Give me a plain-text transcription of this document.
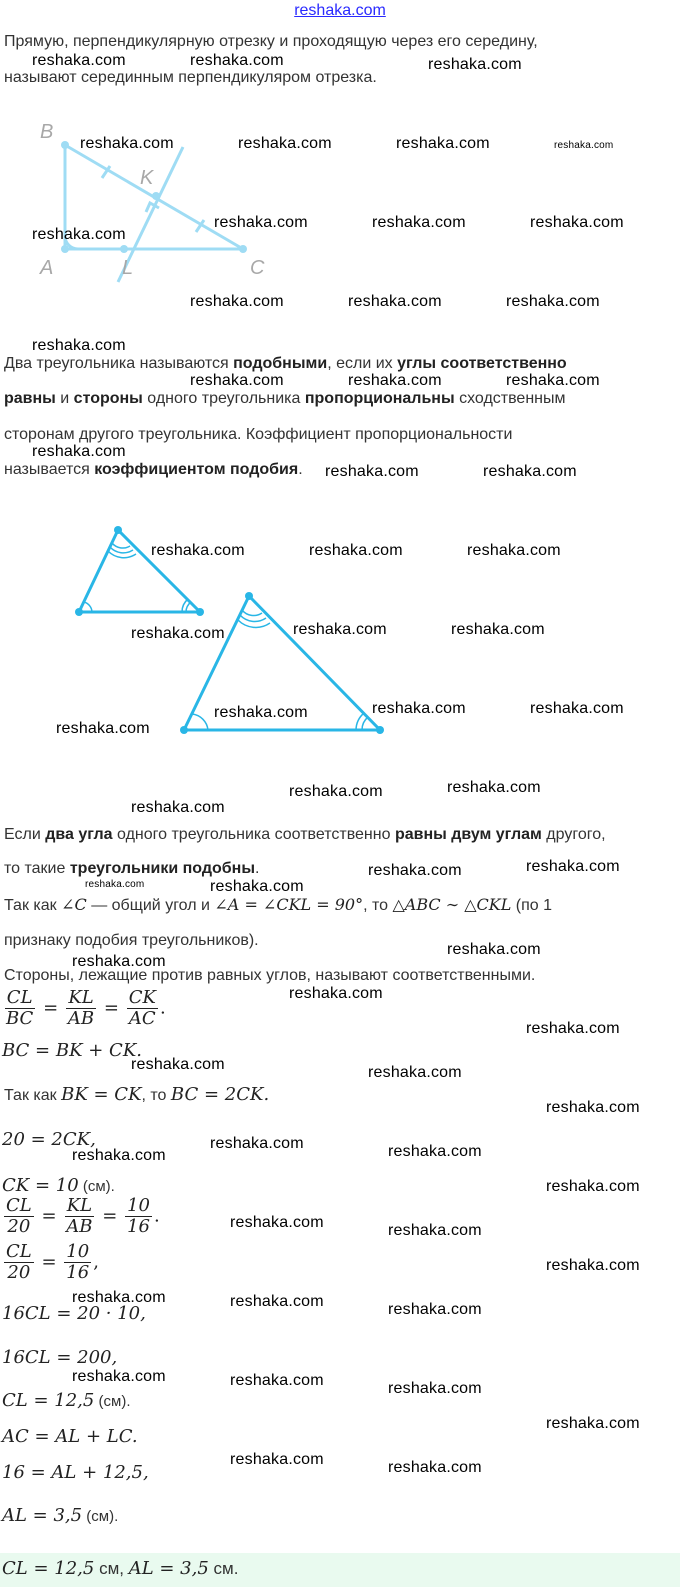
reshaka.com
Прямую, перпендикулярную отрезку и проходящую через его середину,
называют серединным перпендикуляром отрезка.
B
K
A	L	C
Два треугольника называются подобными, если их углы соответственно
равны и стороны одного треугольника пропорциональны сходственным
сторонам другого треугольника. Коэффициент пропорциональности
называется коэффициентом подобия.
Если два угла одного треугольника соответственно равны двум углам другого,
то такие треугольники подобны.
Так как ∠C — общий угол и ∠A = ∠CKL = 90°, то △ABC ∼ △CKL (по 1
признаку подобия треугольников).
Стороны, лежащие против равных углов, называют соответственными.
$\frac{CL}{BC} = \frac{KL}{AB} = \frac{CK}{AC}$ .
BC = BK + CK.
Так как BK = CK, то BC = 2CK.
20 = 2CK,
CK = 10 (см).
$\frac{CL}{20} = \frac{KL}{AB} = \frac{10}{16}$ .
$\frac{CL}{20} = \frac{10}{16}$ ,
16CL = 20 · 10,
16CL = 200,
CL = 12,5 (см).
AC = AL + LC.
16 = AL + 12,5,
AL = 3,5 (см).
CL = 12,5 см, AL = 3,5 см.
reshaka.com	reshaka.com	reshaka.com
reshaka.com	reshaka.com	reshaka.com	reshaka.com
reshaka.com	reshaka.com	reshaka.com
reshaka.com
reshaka.com	reshaka.com	reshaka.com
reshaka.com
reshaka.com	reshaka.com	reshaka.com
reshaka.com
reshaka.com	reshaka.com
reshaka.com	reshaka.com	reshaka.com
reshaka.com	reshaka.com
reshaka.com
reshaka.com	reshaka.com	reshaka.com
reshaka.com
reshaka.com	reshaka.com
reshaka.com
reshaka.com	reshaka.com
reshaka.com	reshaka.com
reshaka.com
reshaka.com
reshaka.com
reshaka.com
reshaka.com	reshaka.com
reshaka.com
reshaka.com
reshaka.com	reshaka.com
reshaka.com
reshaka.com	reshaka.com
reshaka.com
reshaka.com	reshaka.com	reshaka.com
reshaka.com	reshaka.com	reshaka.com
reshaka.com
reshaka.com	reshaka.com
